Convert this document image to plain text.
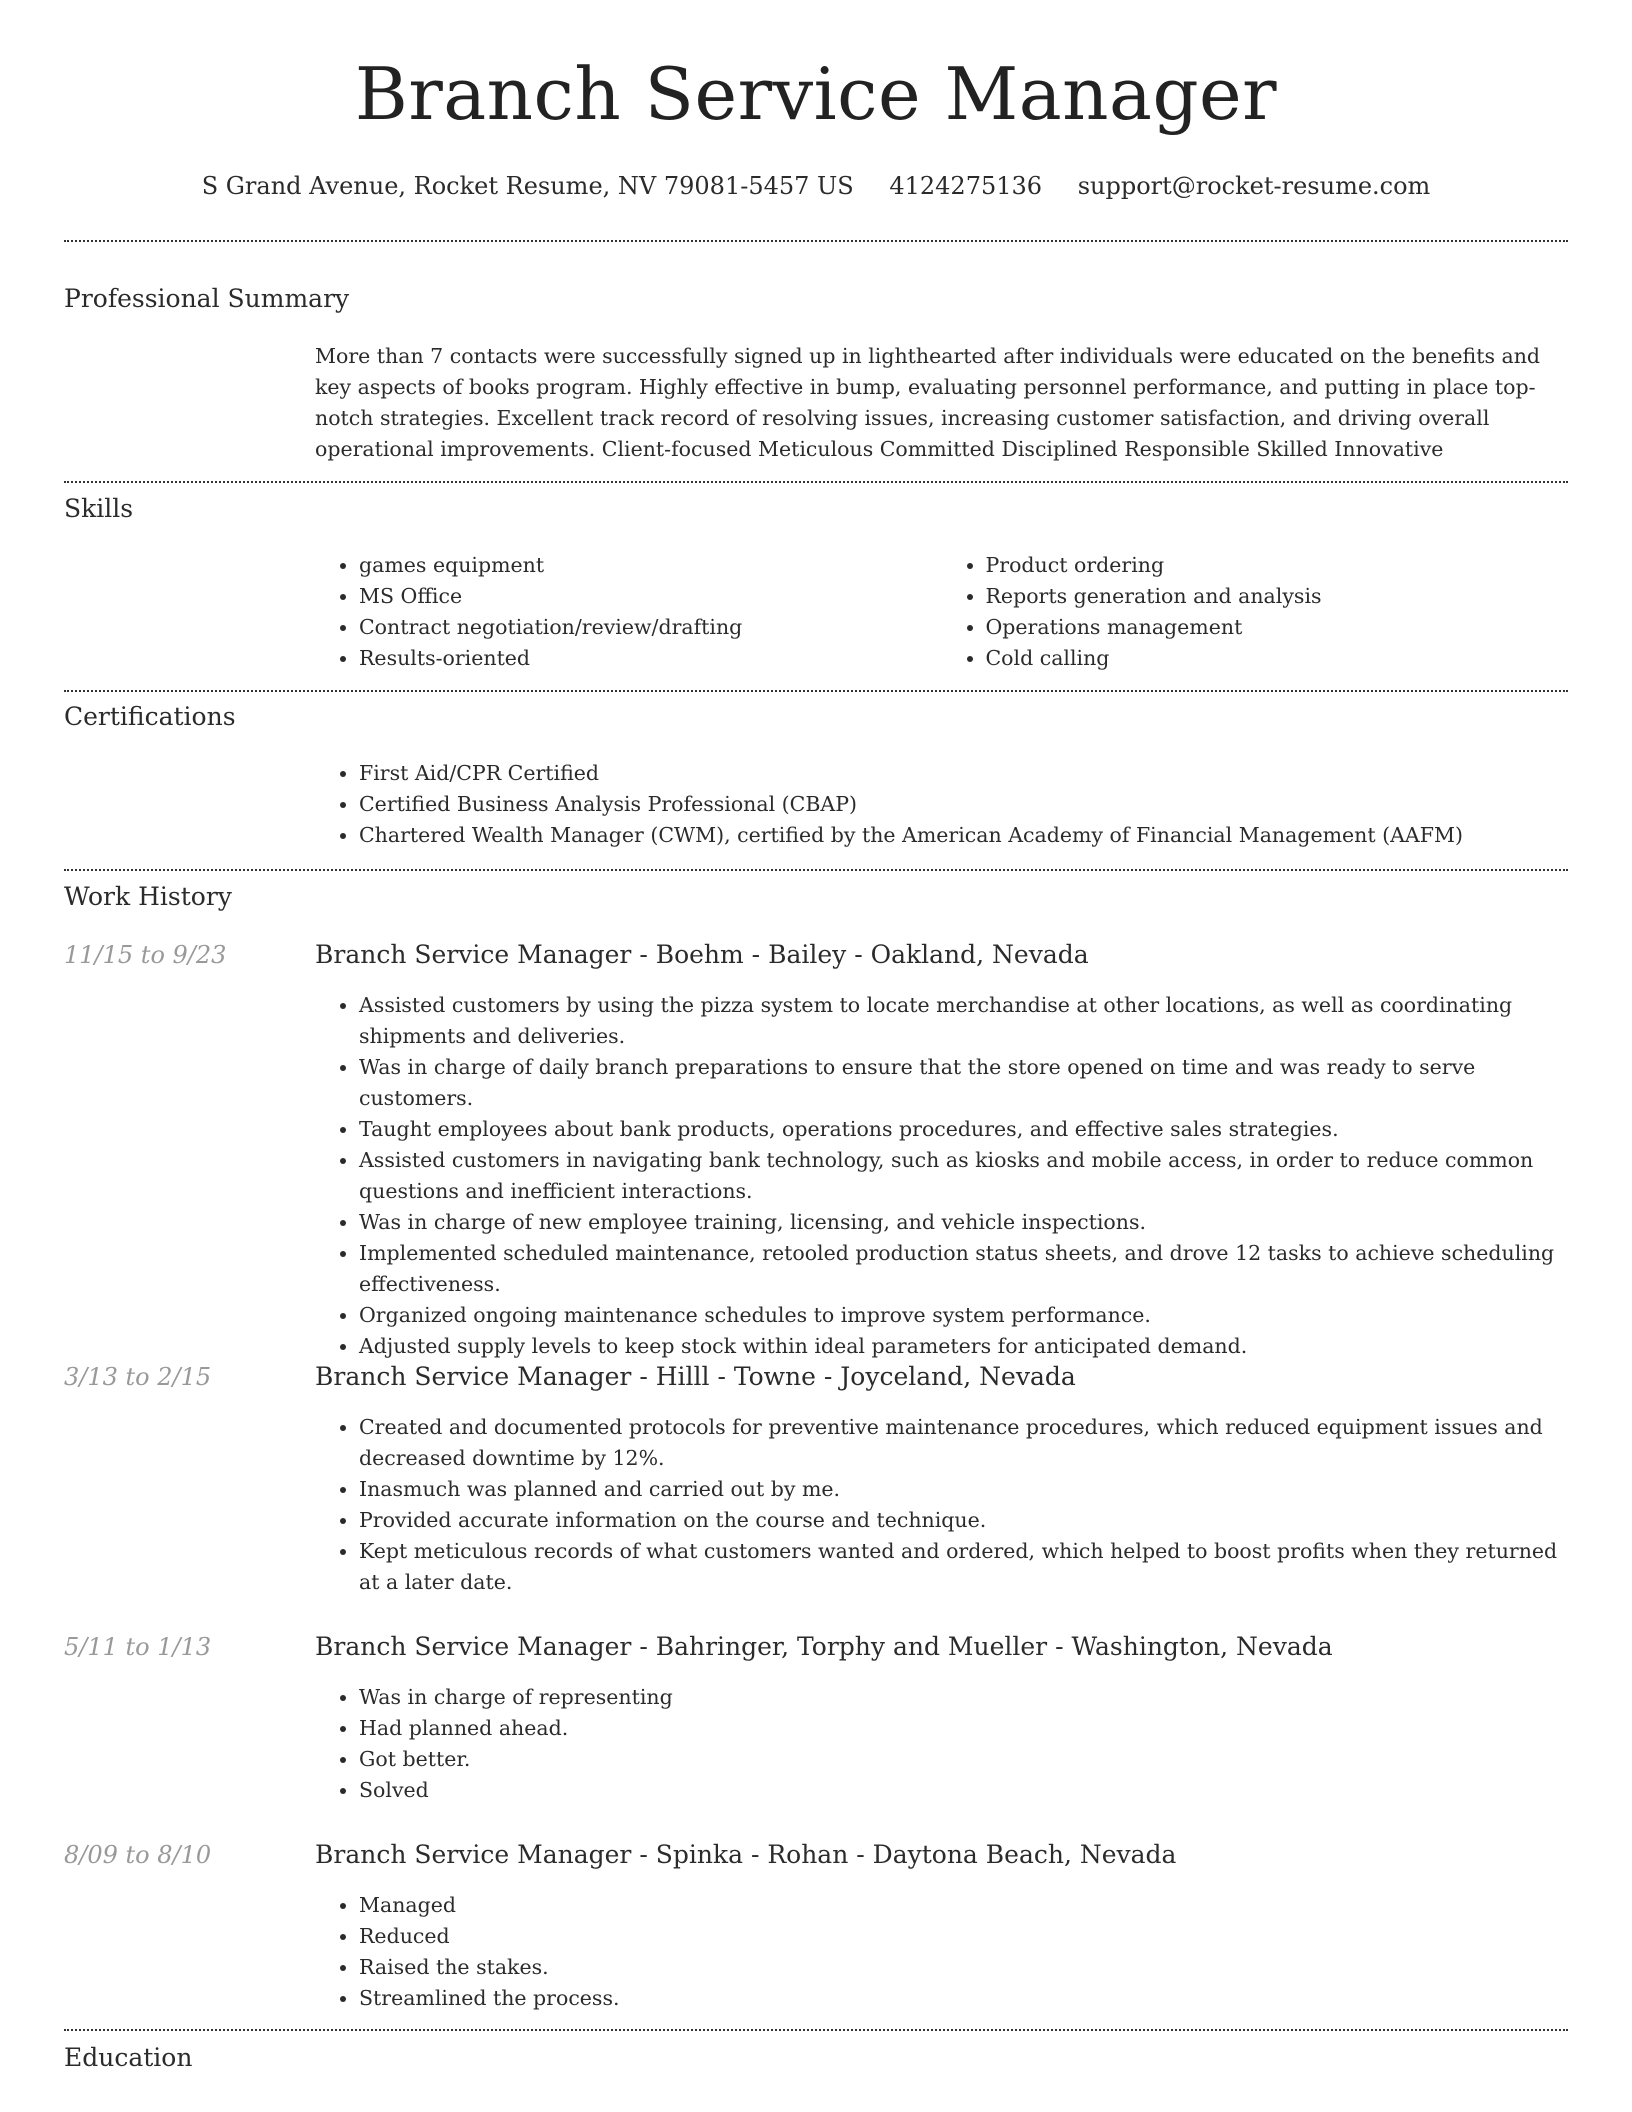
Branch Service Manager
S Grand Avenue, Rocket Resume, NV 79081-5457 US 4124275136 support@rocket-resume.com
Professional Summary

More than 7 contacts were successfully signed up in lighthearted after individuals were educated on the benefits and key aspects of books program. Highly effective in bump, evaluating personnel performance, and putting in place top-notch strategies. Excellent track record of resolving issues, increasing customer satisfaction, and driving overall operational improvements. Client-focused Meticulous Committed Disciplined Responsible Skilled Innovative

Skills
• games equipment
• MS Office
• Contract negotiation/review/drafting
• Results-oriented
• Product ordering
• Reports generation and analysis
• Operations management
• Cold calling
Certifications
• First Aid/CPR Certified
• Certified Business Analysis Professional (CBAP)
• Chartered Wealth Manager (CWM), certified by the American Academy of Financial Management (AAFM)
Work History
11/15 to 9/23	Branch Service Manager - Boehm - Bailey - Oakland, Nevada
• Assisted customers by using the pizza system to locate merchandise at other locations, as well as coordinating shipments and deliveries.
• Was in charge of daily branch preparations to ensure that the store opened on time and was ready to serve customers.
• Taught employees about bank products, operations procedures, and effective sales strategies.
• Assisted customers in navigating bank technology, such as kiosks and mobile access, in order to reduce common questions and inefficient interactions.
• Was in charge of new employee training, licensing, and vehicle inspections.
• Implemented scheduled maintenance, retooled production status sheets, and drove 12 tasks to achieve scheduling effectiveness.
• Organized ongoing maintenance schedules to improve system performance.
• Adjusted supply levels to keep stock within ideal parameters for anticipated demand.
3/13 to 2/15	Branch Service Manager - Hilll - Towne - Joyceland, Nevada
• Created and documented protocols for preventive maintenance procedures, which reduced equipment issues and decreased downtime by 12%.
• Inasmuch was planned and carried out by me.
• Provided accurate information on the course and technique.
• Kept meticulous records of what customers wanted and ordered, which helped to boost profits when they returned at a later date.
5/11 to 1/13	Branch Service Manager - Bahringer, Torphy and Mueller - Washington, Nevada
• Was in charge of representing
• Had planned ahead.
• Got better.
• Solved
8/09 to 8/10	Branch Service Manager - Spinka - Rohan - Daytona Beach, Nevada
• Managed
• Reduced
• Raised the stakes.
• Streamlined the process.
Education
